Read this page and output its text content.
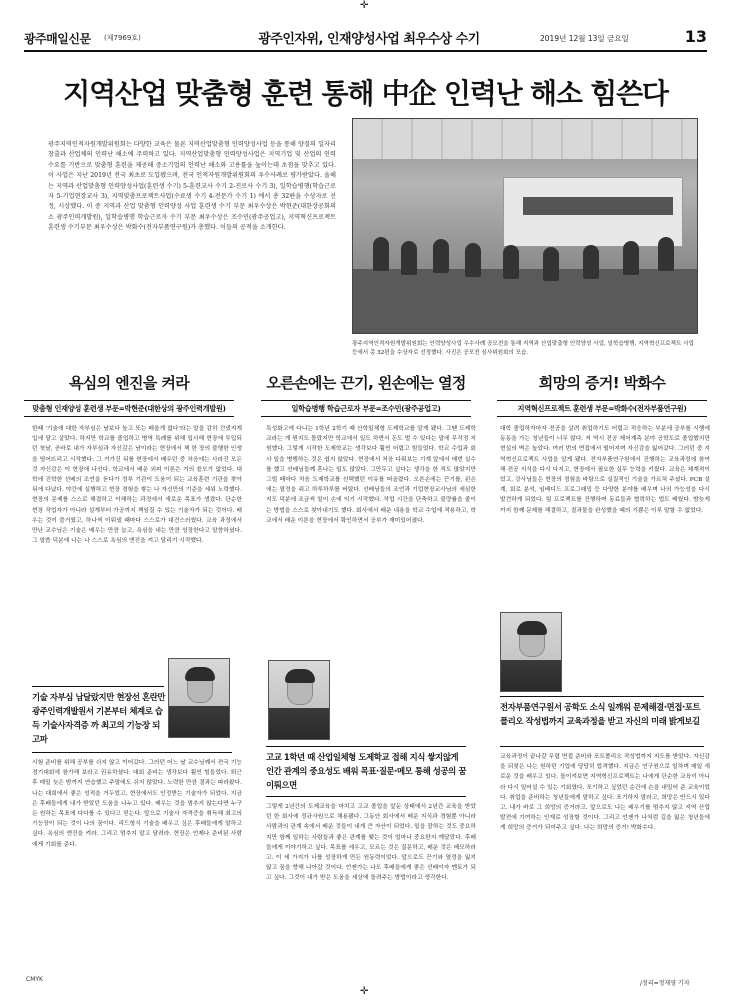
✛
광주매일신문 (제7969호)	광주인자위, 인재양성사업 최우수상 수기	2019년 12월 13일 금요일	13
지역산업 맞춤형 훈련 통해 中企 인력난 해소 힘쓴다

광주지역인적자원개발위원회는 다양한 교육은 물론 지역산업맞춤형 인력양성사업 등을 통해 양질의 일자리 창출과 산업체의 인력난 해소에 주력하고 있다. 지역산업맞춤형 인력양성사업은 지역기업 및 산업의 인력 수요를 기반으로 맞춤형 훈련을 제공해 중소기업의 인력난 해소와 고용률을 높이는데 초점을 맞추고 있다. 이 사업은 지난 2019년 전국 최초로 도입됐으며, 전국 인적자원개발위원회의 우수사례로 평가받았다. 올해는 지역과 산업맞춤형 인력양성사업(훈련생 수기) 5-훈련교사 수기 2-진로사 수기 3), 일학습병행(학습근로자 5-기업현장교사 3), 지역맞춤프로젝트사업(수료생 수기 4-전문가 수기 1) 에서 총 32편을 수상자로 선정, 시상했다. 이 중 지역과 산업 맞춤형 인력양성 사업 훈련생 수기 부문 최우수상은 박현준(대한상공회의소 광주인력개발원), 일학습병행 학습근로자 수기 부문 최우수상은 조수민(광주공업고), 지역혁신프로젝트 훈련생 수기부문 최우수상은 박화수(전자부품연구원)가 총했다. 이들의 공적을 소개한다.

광주지역인적자원개발위원회는 인력양성사업 우수사례 공모전을 통해 지역과 산업맞춤형 인력양성 사업, 일학습병행, 지역혁신프로젝트 사업 등에서 총 32편을 수상자로 선정했다. 사진은 공모전 심사위원회의 모습.

욕심의 엔진을 켜라
맞춤형 인재양성 훈련생 부문=박현준(대한상의 광주인력개발원)

한때 '기술에 대한 자부심은 남보다 높고 또는 배울게 없다'라는 말을 감히 건냈지게 입에 달고 살았다. 하지만 학교를 졸업하고 병역 특례를 위해 입사해 현장에 투입되던 첫날, 곧바로 내가 자부심과 자신감은 남이라는 현장에서 책 한 장의 불행한 인생을 떨어뜨리고 시작했다. 그 거가진 뒤를 현장에서 배우던 중 처음에는 사라진 모든 것 자신감은 이 현장에 나선다. 학교에서 배운 외피 이론은 거의 쓸모가 없었다. 대학에 진학한 선배의 조언을 듣다가 정부 기관이 도움이 되는 교육훈련 기관을 찾아 뒤에 다녔다. 야간에 실행하고 현장 경험을 쌓는 나 자신만의 기준을 세워 노력했다. 현장의 문제를 스스로 해결하고 이해하는 과정에서 새로운 목표가 생겼다. 단순한 현장 작업자가 아니라 설계부터 가공까지 책임질 수 있는 기술자가 되는 것이다. 배우는 것이 즐거웠고, 하나씩 이뤄낼 때마다 스스로가 대견스러웠다. 교육 과정에서 만난 교수님은 기술은 배우는 만큼 늘고, 욕심을 내는 만큼 성장한다고 말씀하셨다. 그 말씀 덕분에 나는 나 스스로 욕심의 엔진을 켜고 달리기 시작했다.

기술 자부심 남달랐지만 현장선 혼란만 광주인력개발원서 기본부터 체계로 습득 기술사자격증 까 최고의 기능장 되고파

시험 준비를 위해 공부를 쉬지 않고 이어갔다. 그러던 어느 날 교수님께서 전국 기능경기대회에 참가해 보라고 권유하셨다. 대회 준비는 생각보다 훨씬 힘들었다. 퇴근 후 매일 늦은 밤까지 연습했고 주말에도 쉬지 않았다. 노력한 만큼 결과는 따라왔다. 나는 대회에서 좋은 성적을 거두었고, 현장에서도 인정받는 기술자가 되었다. 지금은 후배들에게 내가 받았던 도움을 나누고 있다. 배우는 것을 멈추지 않는다면 누구든 원하는 목표에 다다를 수 있다고 믿는다. 앞으로 기술사 자격증을 취득해 최고의 기능장이 되는 것이 나의 꿈이다. 리드형식 기술을 배우고 싶은 후배들에게 말하고 싶다. 욕심의 엔진을 켜라. 그리고 멈추지 말고 달려라. 현장은 언제나 준비된 사람에게 기회를 준다.

오른손에는 끈기, 왼손에는 열정
일학습병행 학습근로자 부문=조수민(광주공업고)

특성화고에 다니는 1학년 2학기 때 산학일체형 도제학교를 알게 됐다. 그땐 도제학교라는 게 뭔지도 몰랐지만 학교에서 일도 하면서 돈도 벌 수 있다는 말에 무작정 지원했다. 그렇게 시작한 도제학교는 생각보다 훨씬 어렵고 힘들었다. 학교 수업과 회사 일을 병행하는 것은 쉽지 않았다. 현장에서 처음 다뤄보는 기계 앞에서 매번 실수를 했고 선배님들께 혼나는 일도 많았다. 그만두고 싶다는 생각을 한 적도 많았지만 그럴 때마다 처음 도제학교를 선택했던 이유를 떠올렸다. 오른손에는 끈기를, 왼손에는 열정을 쥐고 하루하루를 버텼다. 선배님들의 조언과 기업현장교사님의 세심한 지도 덕분에 조금씩 일이 손에 익기 시작했다. 작업 시간을 단축하고 불량률을 줄이는 방법을 스스로 찾아내기도 했다. 회사에서 배운 내용을 학교 수업에 적용하고, 학교에서 배운 이론을 현장에서 확인하면서 공부가 재미있어졌다.

고교 1학년 때 산업일체형 도제학교 접해 지식 쌓지않게 인간 관계의 중요성도 배워 목표·질문·메모 통해 성공의 꿈 이뤄으면

그렇게 2년간의 도제교육을 마치고 고교 졸업을 앞둔 상태에서 2년간 교육을 받았던 한 회사에 정규사원으로 채용됐다. 그동안 회사에서 배운 지식과 경험뿐 아니라 사람과의 관계 속에서 배운 것들이 내게 큰 자산이 되었다. 일을 잘하는 것도 중요하지만 함께 일하는 사람들과 좋은 관계를 맺는 것이 얼마나 중요한지 깨달았다. 후배들에게 이야기하고 싶다. 목표를 세우고, 모르는 것은 질문하고, 배운 것은 메모하라고. 이 세 가지가 나를 성장하게 만든 원동력이었다. 앞으로도 끈기와 열정을 잃지 않고 꿈을 향해 나아갈 것이다. 언젠가는 나도 후배들에게 좋은 선배이자 멘토가 되고 싶다. 그것이 내가 받은 도움을 세상에 돌려주는 방법이라고 생각한다.

희망의 증거! 박화수
지역혁신프로젝트 훈련생 부문=박화수(전자부품연구원)

대학 졸업하자마자 전공을 살려 취업하기도 어렵고 적응하는 부분에 공부를 시행에 동동을 가는 청년들이 너무 많다. 저 역시 전공 제어계측 분야 공학도로 졸업했지만 현실의 벽은 높았다. 여러 번의 면접에서 떨어지며 자신감을 잃어갔다. 그러던 중 지역혁신프로젝트 사업을 알게 됐다. 전자부품연구원에서 진행하는 교육과정에 참여해 전공 지식을 다시 다지고, 현장에서 필요한 실무 능력을 키웠다. 교육은 체계적이었고, 강사님들은 현장의 경험을 바탕으로 실질적인 기술을 가르쳐 주셨다. PCB 설계, 회로 분석, 임베디드 프로그래밍 등 다양한 분야를 배우며 나의 가능성을 다시 발견하게 되었다. 팀 프로젝트를 진행하며 동료들과 협력하는 법도 배웠다. 밤늦게까지 함께 문제를 해결하고, 결과물을 완성했을 때의 기쁨은 이루 말할 수 없었다.

전자부품연구원서 공학도 소식 일깨워 문제해결·면접·포트폴리오 작성법까지 교육과정을 받고 자신의 미래 밝게보길

교육과정이 끝나갈 무렵 면접 준비와 포트폴리오 작성법까지 지도를 받았다. 자신감을 되찾은 나는 원하던 기업에 당당히 합격했다. 지금은 연구원으로 일하며 매일 새로운 것을 배우고 있다. 돌이켜보면 지역혁신프로젝트는 나에게 단순한 교육이 아니라 다시 일어설 수 있는 기회였다. 포기하고 싶었던 순간에 손을 내밀어 준 교육이었다. 취업을 준비하는 청년들에게 말하고 싶다. 포기하지 말라고, 희망은 반드시 있다고. 내가 바로 그 희망의 증거라고. 앞으로도 나는 배우기를 멈추지 않고 지역 산업 발전에 기여하는 인재로 성장할 것이다. 그리고 언젠가 나처럼 길을 잃은 청년들에게 희망의 증거가 되어주고 싶다. 나는 희망의 증거! 박화수다.

/정리=정재영 기자
CMYK
✛
